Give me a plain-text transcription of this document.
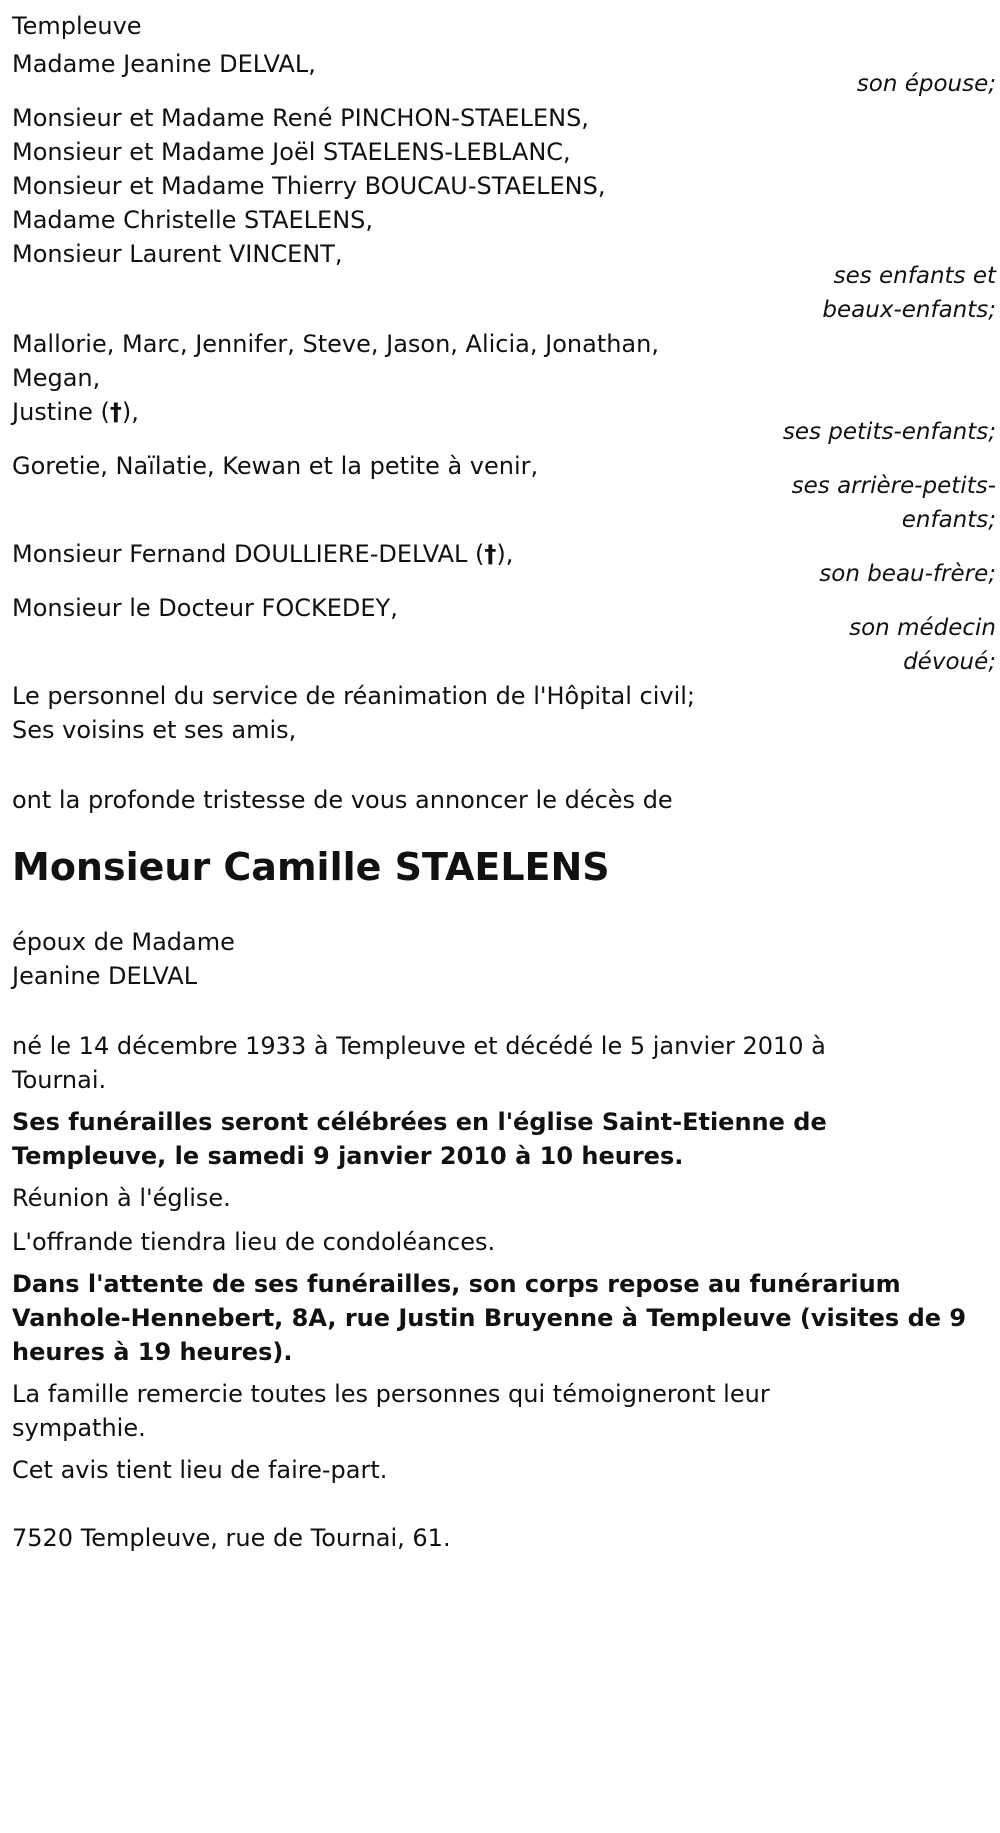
Templeuve
Madame Jeanine DELVAL,
son épouse;
Monsieur et Madame René PINCHON-STAELENS,
Monsieur et Madame Joël STAELENS-LEBLANC,
Monsieur et Madame Thierry BOUCAU-STAELENS,
Madame Christelle STAELENS,
Monsieur Laurent VINCENT,
ses enfants et
beaux-enfants;
Mallorie, Marc, Jennifer, Steve, Jason, Alicia, Jonathan,
Megan,
Justine (†),
ses petits-enfants;
Goretie, Naïlatie, Kewan et la petite à venir,
ses arrière-petits-
enfants;
Monsieur Fernand DOULLIERE-DELVAL (†),
son beau-frère;
Monsieur le Docteur FOCKEDEY,
son médecin
dévoué;
Le personnel du service de réanimation de l'Hôpital civil;
Ses voisins et ses amis,
ont la profonde tristesse de vous annoncer le décès de
Monsieur Camille STAELENS
époux de Madame
Jeanine DELVAL
né le 14 décembre 1933 à Templeuve et décédé le 5 janvier 2010 à
Tournai.
Ses funérailles seront célébrées en l'église Saint-Etienne de
Templeuve, le samedi 9 janvier 2010 à 10 heures.
Réunion à l'église.
L'offrande tiendra lieu de condoléances.
Dans l'attente de ses funérailles, son corps repose au funérarium
Vanhole-Hennebert, 8A, rue Justin Bruyenne à Templeuve (visites de 9
heures à 19 heures).
La famille remercie toutes les personnes qui témoigneront leur
sympathie.
Cet avis tient lieu de faire-part.
7520 Templeuve, rue de Tournai, 61.
